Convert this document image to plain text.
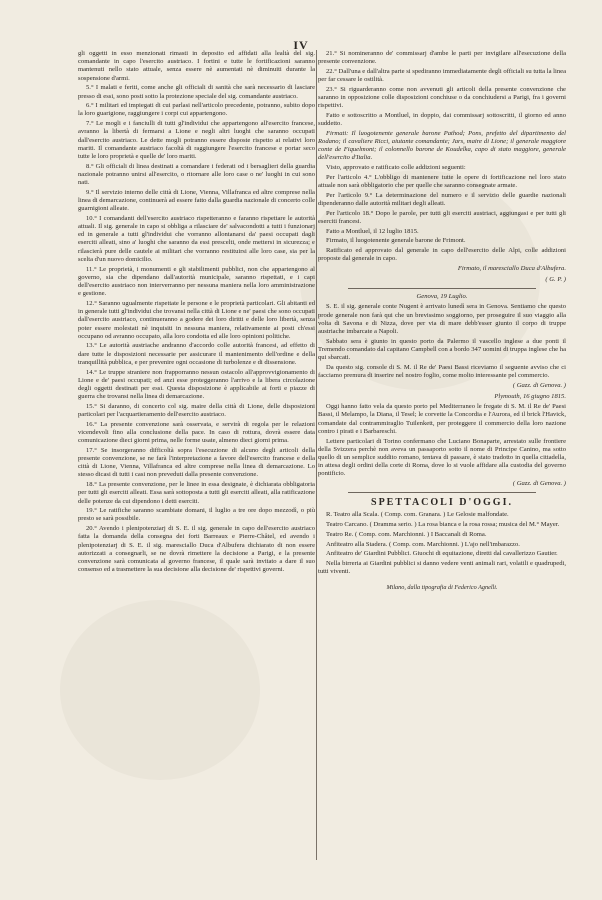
IV

gli oggetti in esso menzionati rimasti in deposito ed affidati alla lealtà del sig. comandante in capo l'esercito austriaco. I fortini e tutte le fortificazioni saranno mantenuti nello stato attuale, senza essere nè aumentati nè diminuiti durante la sospensione d'armi.

5.° I malati e feriti, come anche gli officiali di sanità che sarà necessario di lasciare presso di essi, sono posti sotto la protezione speciale del sig. comandante austriaco.

6.° I militari ed impiegati di cui parlasi nell'articolo precedente, potranno, subito dopo la loro guarigione, raggiungere i corpi cui appartengono.

7.° Le mogli e i fanciulli di tutti gl'individui che appartengono all'esercito francese, avranno la libertà di fermarsi a Lione e negli altri luoghi che saranno occupati dall'esercito austriaco. Le dette mogli potranno essere disposte rispetto ai relativi loro mariti. Il comandante austriaco facoltà di raggiungere l'esercito francese e portar seco tutte le loro proprietà e quelle de' loro mariti.

8.° Gli officiali di linea destinati a comandare i federati od i bersaglieri della guardia nazionale potranno unirsi all'esercito, o ritornare alle loro case o ne' luoghi in cui sono nati.

9.° Il servizio interno delle città di Lione, Vienna, Villafranca ed altre comprese nella linea di demarcazione, continuerà ad essere fatto dalla guardia nazionale di concerto colle guarnigioni alleate.

10.° I comandanti dell'esercito austriaco rispetteranno e faranno rispettare le autorità attuali. Il sig. generale in capo si obbliga a rilasciare de' salvacondotti a tutti i funzionarj ed in generale a tutti gl'individui che vorranno allontanarsi da' paesi occupati dagli eserciti alleati, sino a' luoghi che saranno da essi prescelti, onde mettersi in sicurezza; e rilascierà pure delle cautele ai militari che vorranno restituirsi alle loro case, sia per la scelta d'un nuovo domicilio.

11.° Le proprietà, i monumenti e gli stabilimenti pubblici, non che appartengono al governo, sia che dipendano dall'autorità municipale, saranno rispettati, e i capi dell'esercito austriaco non interverranno per nessuna maniera nella loro amministrazione e gestione.

12.° Saranno ugualmente rispettate le persone e le proprietà particolari. Gli abitanti ed in generale tutti gl'individui che trovansi nella città di Lione e ne' paesi che sono occupati dall'esercito austriaco, continueranno a godere dei loro diritti e delle loro libertà, senza poter essere molestati nè inquisiti in nessuna maniera, relativamente ai posti ch'essi occupano od avranno occupato, alla loro condotta ed alle loro opinioni politiche.

13.° Le autorità austriache andranno d'accordo colle autorità francesi, ad effetto di dare tutte le disposizioni necessarie per assicurare il mantenimento dell'ordine e della tranquillità pubblica, e per prevenire ogni occasione di turbolenze e di dissensione.

14.° Le truppe straniere non frapporranno nessun ostacolo all'approvvigionamento di Lione e de' paesi occupati; ed anzi esse proteggeranno l'arrivo e la libera circolazione degli oggetti destinati per essi. Questa disposizione è applicabile ai forti e piazze di guerra che trovansi nella linea di demarcazione.

15.° Si daranno, di concerto col sig. maire della città di Lione, delle disposizioni particolari per l'acquartieramento dell'esercito austriaco.

16.° La presente convenzione sarà osservata, e servirà di regola per le relazioni vicendevoli fino alla conclusione della pace. In caso di rottura, dovrà essere data comunicazione dieci giorni prima, nelle forme usate, almeno dieci giorni prima.

17.° Se insorgeranno difficoltà sopra l'esecuzione di alcuno degli articoli della presente convenzione, se ne farà l'interpretazione a favore dell'esercito francese e della città di Lione, Vienna, Villafranca ed altre comprese nella linea di demarcazione. Lo stesso dicasi di tutti i casi non preveduti dalla presente convenzione.

18.° La presente convenzione, per le linee in essa designate, è dichiarata obbligatoria per tutti gli eserciti alleati. Essa sarà sottoposta a tutti gli eserciti alleati, alla ratificazione delle potenze da cui dipendono i detti eserciti.

19.° Le ratifiche saranno scambiate domani, il luglio a tre ore dopo mezzodì, o più presto se sarà possibile.

20.° Avendo i plenipotenziarj di S. E. il sig. generale in capo dell'esercito austriaco fatta la domanda della consegna dei forti Barreaux e Pierre-Châtel, ed avendo i plenipotenziarj di S. E. il sig. maresciallo Duca d'Albufera dichiarato di non essere autorizzati a consegnarli, se ne dovrà rimettere la decisione a Parigi, e la presente convenzione sarà comunicata al governo francese, il quale sarà invitato a dare il suo consenso ed a trasmettere la sua decisione alla decisione de' rispettivi governi.

21.° Si nomineranno de' commissarj d'ambe le parti per invigilare all'esecuzione della presente convenzione.

22.° Dall'una e dall'altra parte si spediranno immediatamente degli officiali su tutta la linea per far cessare le ostilità.

23.° Si riguarderanno come non avvenuti gli articoli della presente convenzione che saranno in opposizione colle disposizioni conchiuse o da conchiudersi a Parigi, fra i governi rispettivi.

Fatto e sottoscritto a Montluel, in doppio, dai commissarj sottoscritti, il giorno ed anno suddetto.

Firmati: Il luogotenente generale barone Pathod; Pons, prefetto del dipartimento del Rodano; il cavaliere Ricci, aiutante comandante; Jars, maire di Lione; il generale maggiore conte de Fiquelmont; il colonnello barone de Koudelka, capo di stato maggiore, generale dell'esercito d'Italia.

Visto, approvato e ratificato colle addizioni seguenti:

Per l'articolo 4.° L'obbligo di mantenere tutte le opere di fortificazione nel loro stato attuale non sarà obbligatorio che per quelle che saranno consegnate armate.

Per l'articolo 9.° La determinazione del numero e il servizio delle guardie nazionali dipenderanno dalle autorità militari degli alleati.

Per l'articolo 18.° Dopo le parole, per tutti gli eserciti austriaci, aggiungasi e per tutti gli eserciti francesi.

Fatto a Montluel, il 12 luglio 1815.

Firmato, il luogotenente generale barone de Frimont.

Ratificato ed approvato dal generale in capo dell'esercito delle Alpi, colle addizioni proposte dal generale in capo.

Firmato, il maresciallo Duca d'Albufera.
( G. P. )
Genova, 19 Luglio.

S. E. il sig. generale conte Nugent è arrivato lunedì sera in Genova. Sentiamo che questo prode generale non farà qui che un brevissimo soggiorno, per proseguire il suo viaggio alla volta di Savona e di Nizza, dove per via di mare debb'esser giunto il corpo di truppe austriache imbarcate a Napoli.

Sabbato sera è giunto in questo porto da Palermo il vascello inglese a due ponti il Tremendo comandato dal capitano Campbell con a bordo 347 uomini di truppa inglese che ha qui sbarcati.

Da questo sig. console di S. M. il Re de' Paesi Bassi riceviamo il seguente avviso che ci facciamo premura di inserire nel nostro foglio, come molto interessante pel commercio.

( Gazz. di Genova. )
Plymouth, 16 giugno 1815.

Oggi hanno fatto vela da questo porto pel Mediterraneo le fregate di S. M. il Re de' Paesi Bassi, il Melampo, la Diana, il Tesel; le corvette la Concordia e l'Aurora, ed il brick l'Havick, comandate dal contrammiraglio Tuilenkett, per proteggere il commercio della loro nazione contro i pirati e i Barbareschi.

Lettere particolari di Torino confermano che Luciano Bonaparte, arrestato sulle frontiere della Svizzera perchè non aveva un passaporto sotto il nome di Principe Canino, ma sotto quello di un semplice suddito romano, tentava di passare, è stato tradotto in quella cittadella, in attesa degli ordini della corte di Roma, dove lo si vuole affidare alla custodia del governo pontificio.

( Gazz. di Genova. )
SPETTACOLI D'OGGI.

R. Teatro alla Scala. ( Comp. com. Granara. ) Le Gelosie malfondate.

Teatro Carcano. ( Dramma serio. ) La rosa bianca e la rosa rossa; musica del M.° Mayer.

Teatro Re. ( Comp. com. Marchionni. ) I Baccanali di Roma.

Anfiteatro alla Stadera. ( Comp. com. Marchionni. ) L'ajo nell'imbarazzo.

Anfiteatro de' Giardini Pubblici. Giuochi di equitazione, diretti dal cavallerizzo Gautier.

Nella birreria ai Giardini pubblici si danno vedere venti animali rari, volatili e quadrupedi, tutti viventi.

Milano, dalla tipografia di Federico Agnelli.
